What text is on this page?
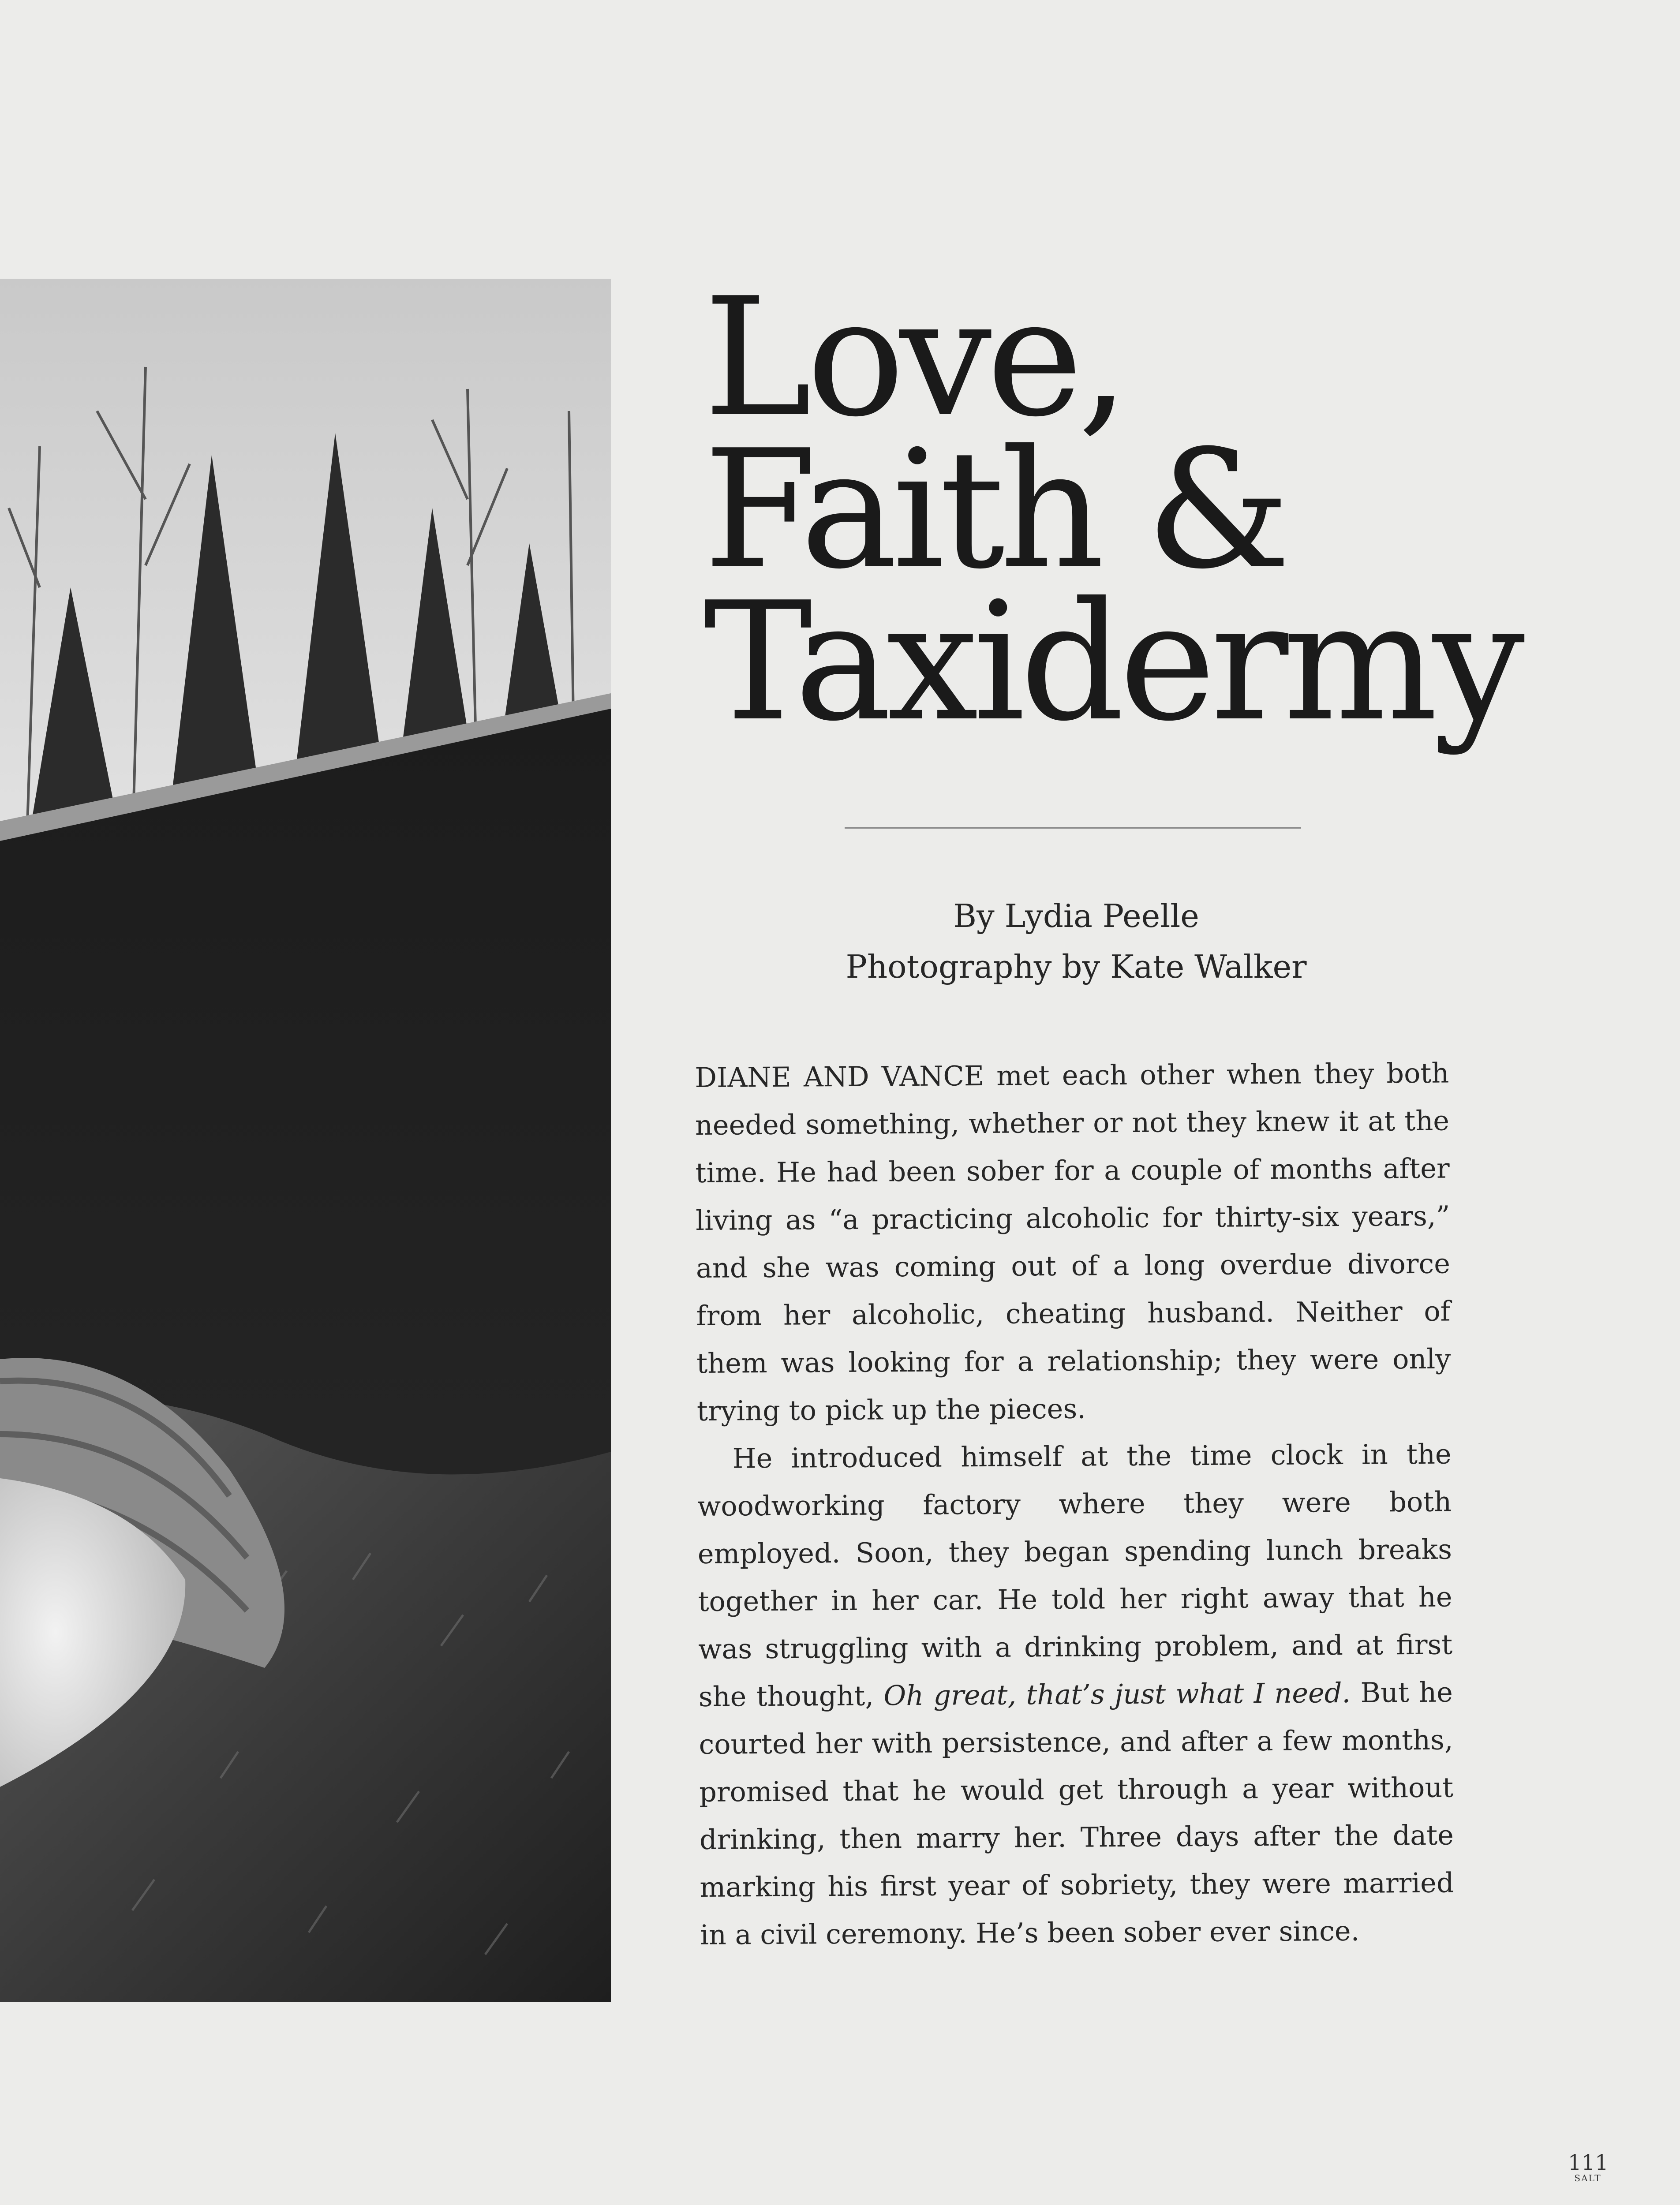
Love,
Faith &
Taxidermy
By Lydia Peelle
Photography by Kate Walker

DIANE AND VANCE met each other when they both needed something, whether or not they knew it at the time. He had been sober for a couple of months after living as “a practicing alcoholic for thirty-six years,” and she was coming out of a long overdue divorce from her alcoholic, cheating husband. Neither of them was looking for a relationship; they were only trying to pick up the pieces.

He introduced himself at the time clock in the woodworking factory where they were both employed. Soon, they began spending lunch breaks together in her car. He told her right away that he was struggling with a drinking problem, and at first she thought, Oh great, that’s just what I need. But he courted her with persistence, and after a few months, promised that he would get through a year without drinking, then marry her. Three days after the date marking his first year of sobriety, they were married in a civil ceremony. He’s been sober ever since.

111
SALT
